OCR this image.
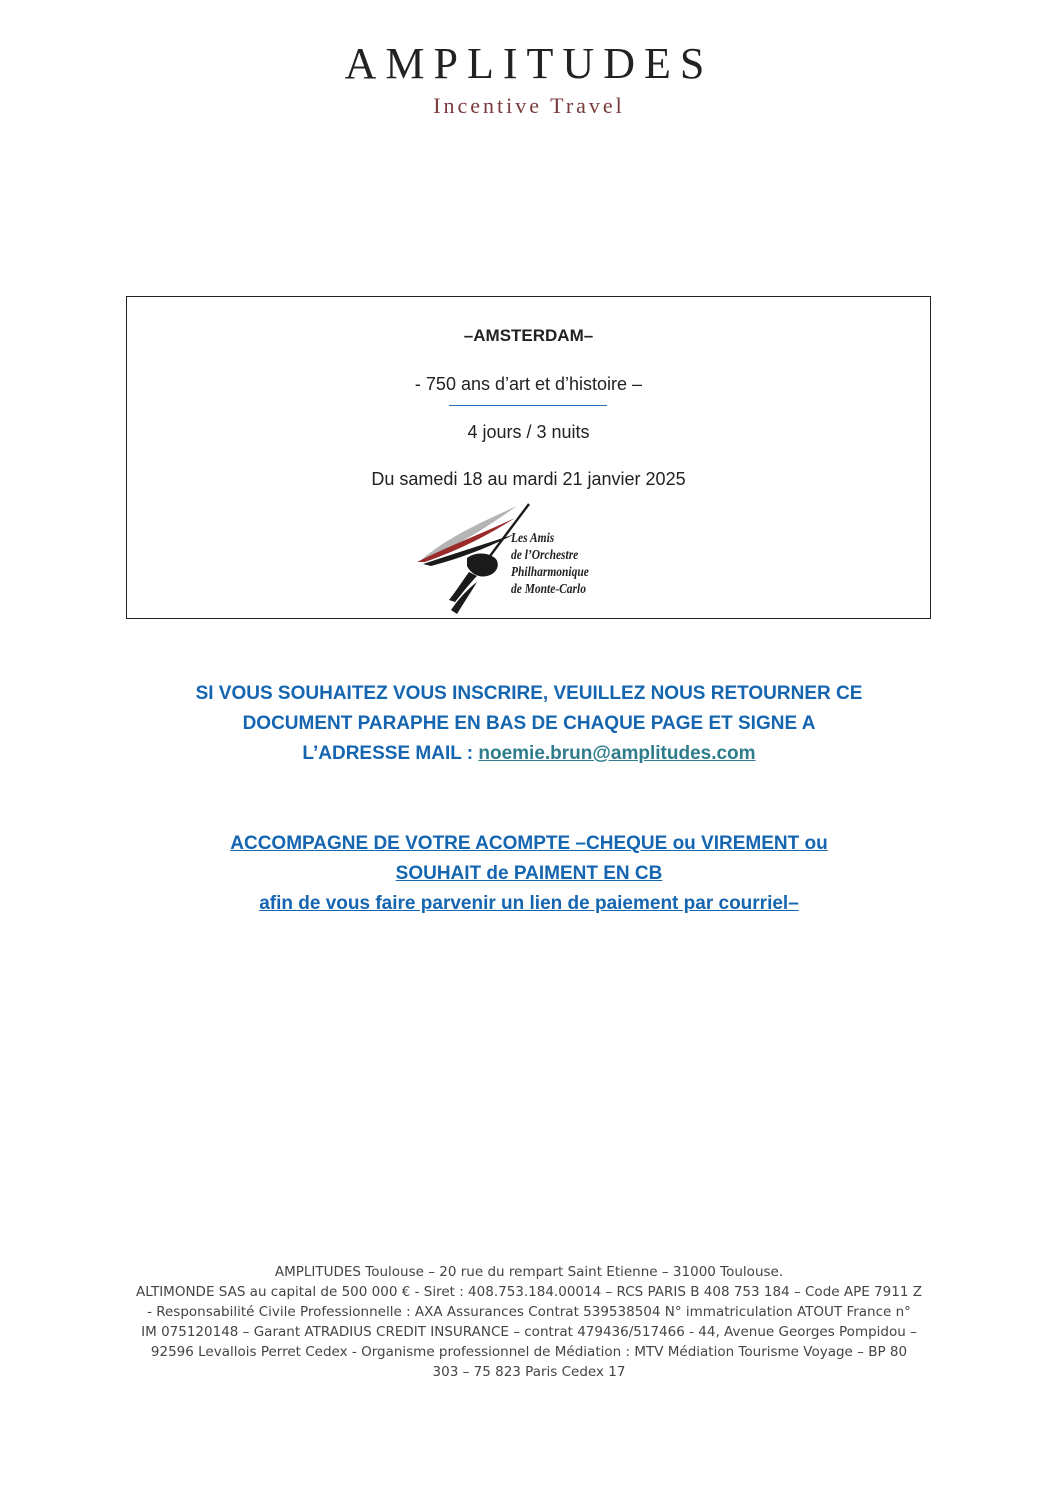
AMPLITUDES
Incentive Travel
–AMSTERDAM–
- 750 ans d’art et d’histoire –
4 jours / 3 nuits
Du samedi 18 au mardi 21 janvier 2025
Les Amis
de l’Orchestre
Philharmonique
de Monte-Carlo
SI VOUS SOUHAITEZ VOUS INSCRIRE, VEUILLEZ NOUS RETOURNER CE
DOCUMENT PARAPHE EN BAS DE CHAQUE PAGE ET SIGNE A
L’ADRESSE MAIL : noemie.brun@amplitudes.com
ACCOMPAGNE DE VOTRE ACOMPTE –CHEQUE ou VIREMENT ou
SOUHAIT de PAIMENT EN CB
afin de vous faire parvenir un lien de paiement par courriel–
AMPLITUDES Toulouse – 20 rue du rempart Saint Etienne – 31000 Toulouse.
ALTIMONDE SAS au capital de 500 000 € - Siret : 408.753.184.00014 – RCS PARIS B 408 753 184 – Code APE 7911 Z
- Responsabilité Civile Professionnelle : AXA Assurances Contrat 539538504 N° immatriculation ATOUT France n°
IM 075120148 – Garant ATRADIUS CREDIT INSURANCE – contrat 479436/517466 - 44, Avenue Georges Pompidou –
92596 Levallois Perret Cedex - Organisme professionnel de Médiation : MTV Médiation Tourisme Voyage – BP 80
303 – 75 823 Paris Cedex 17
